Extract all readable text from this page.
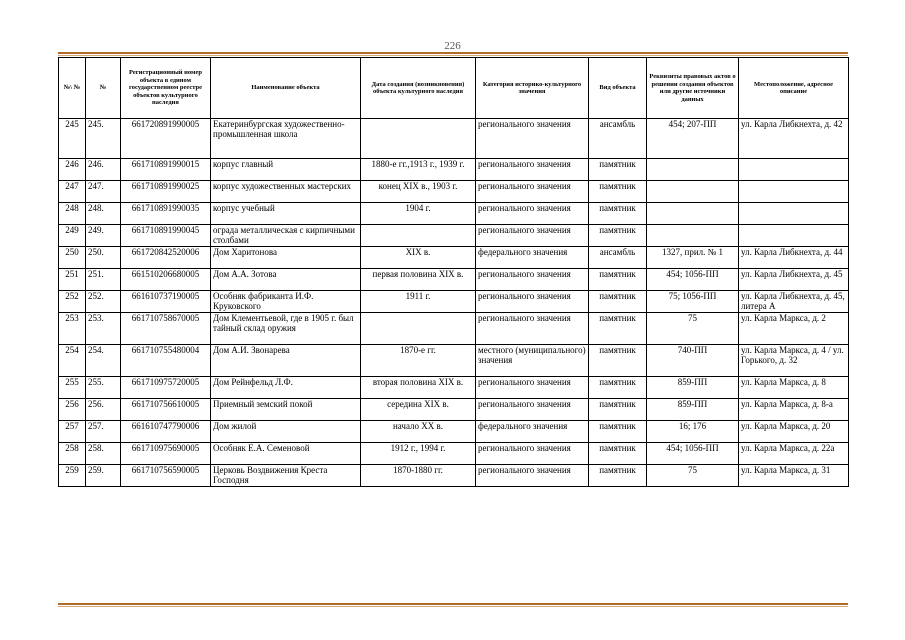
226
№\ №	№	Регистрационный номер объекта в едином государственном реестре объектов культурного наследия	Наименование объекта	Дата создания (возникновения) объекта культурного наследия	Категория историко-культурного значения	Вид объекта	Реквизиты правовых актов о решении создания объектов или другие источники данных	Местоположение, адресное описание
245	245.	661720891990005	Екатеринбургская художественно-промышленная школа		регионального значения	ансамбль	454; 207-ПП	ул. Карла Либкнехта, д. 42
246	246.	661710891990015	корпус главный	1880-е гг.,1913 г., 1939 г.	регионального значения	памятник		
247	247.	661710891990025	корпус художественных мастерских	конец XIX в., 1903 г.	регионального значения	памятник		
248	248.	661710891990035	корпус учебный	1904 г.	регионального значения	памятник		
249	249.	661710891990045	ограда металлическая с кирпичными столбами		регионального значения	памятник		
250	250.	661720842520006	Дом Харитонова	XIX в.	федерального значения	ансамбль	1327, прил. № 1	ул. Карла Либкнехта, д. 44
251	251.	661510206680005	Дом А.А. Зотова	первая половина XIX в.	регионального значения	памятник	454; 1056-ПП	ул. Карла Либкнехта, д. 45
252	252.	661610737190005	Особняк фабриканта И.Ф. Круковского	1911 г.	регионального значения	памятник	75; 1056-ПП	ул. Карла Либкнехта, д. 45, литера А
253	253.	661710758670005	Дом Клементьевой, где в 1905 г. был тайный склад оружия		регионального значения	памятник	75	ул. Карла Маркса, д. 2
254	254.	661710755480004	Дом А.И. Звонарева	1870-е гг.	местного (муниципального) значения	памятник	740-ПП	ул. Карла Маркса, д. 4 / ул. Горького, д. 32
255	255.	661710975720005	Дом Рейнфельд Л.Ф.	вторая половина XIX в.	регионального значения	памятник	859-ПП	ул. Карла Маркса, д. 8
256	256.	661710756610005	Приемный земский покой	середина XIX в.	регионального значения	памятник	859-ПП	ул. Карла Маркса, д. 8-а
257	257.	661610747790006	Дом жилой	начало XX в.	федерального значения	памятник	16; 176	ул. Карла Маркса, д. 20
258	258.	661710975690005	Особняк Е.А. Семеновой	1912 г., 1994 г.	регионального значения	памятник	454; 1056-ПП	ул. Карла Маркса, д. 22а
259	259.	661710756590005	Церковь Воздвижения Креста Господня	1870-1880 гг.	регионального значения	памятник	75	ул. Карла Маркса, д. 31
